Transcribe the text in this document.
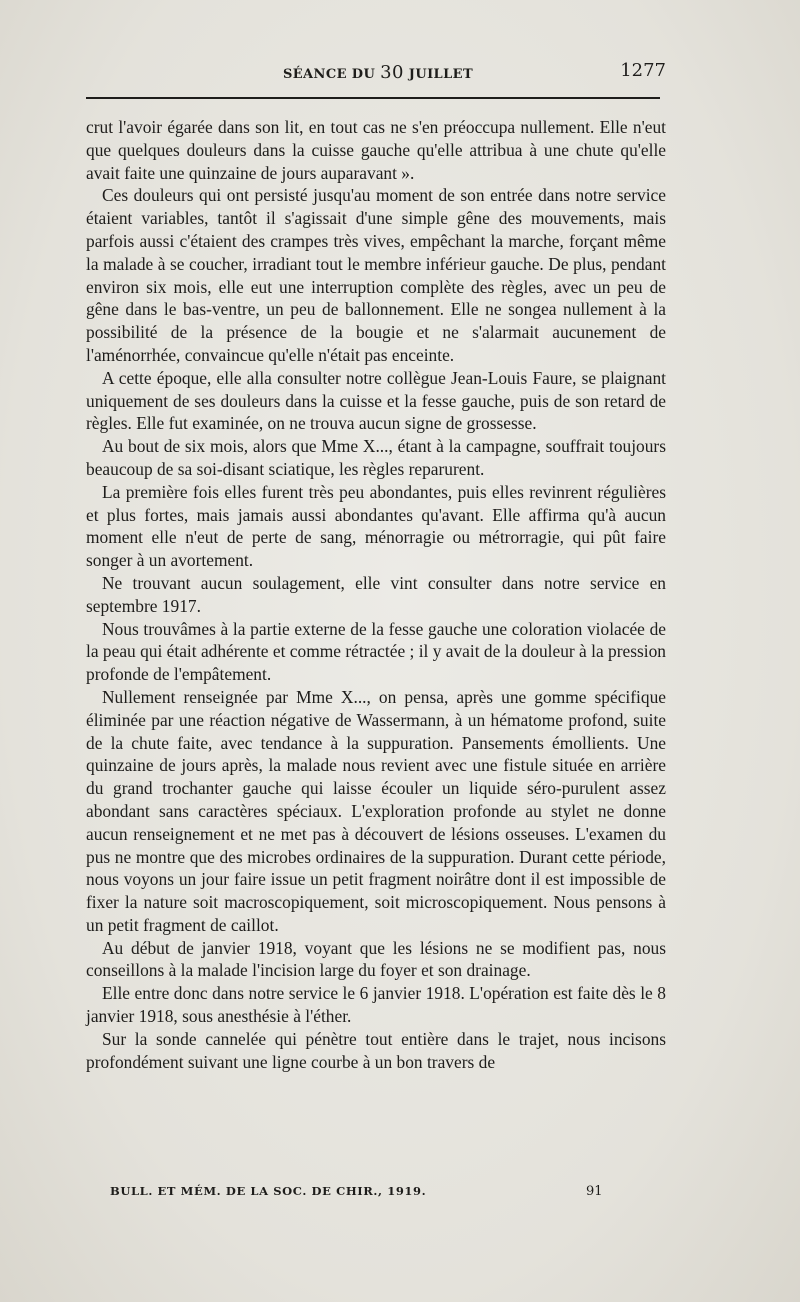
SÉANCE DU 30 JUILLET	1277

crut l'avoir égarée dans son lit, en tout cas ne s'en préoccupa nullement. Elle n'eut que quelques douleurs dans la cuisse gauche qu'elle attribua à une chute qu'elle avait faite une quinzaine de jours auparavant ».

Ces douleurs qui ont persisté jusqu'au moment de son entrée dans notre service étaient variables, tantôt il s'agissait d'une simple gêne des mouvements, mais parfois aussi c'étaient des crampes très vives, empêchant la marche, forçant même la malade à se coucher, irradiant tout le membre inférieur gauche. De plus, pendant environ six mois, elle eut une interruption complète des règles, avec un peu de gêne dans le bas-ventre, un peu de ballonnement. Elle ne songea nullement à la possibilité de la présence de la bougie et ne s'alarmait aucunement de l'aménorrhée, convaincue qu'elle n'était pas enceinte.

A cette époque, elle alla consulter notre collègue Jean-Louis Faure, se plaignant uniquement de ses douleurs dans la cuisse et la fesse gauche, puis de son retard de règles. Elle fut examinée, on ne trouva aucun signe de grossesse.

Au bout de six mois, alors que Mme X..., étant à la campagne, souffrait toujours beaucoup de sa soi-disant sciatique, les règles reparurent.

La première fois elles furent très peu abondantes, puis elles revinrent régulières et plus fortes, mais jamais aussi abondantes qu'avant. Elle affirma qu'à aucun moment elle n'eut de perte de sang, ménorragie ou métrorragie, qui pût faire songer à un avortement.

Ne trouvant aucun soulagement, elle vint consulter dans notre service en septembre 1917.

Nous trouvâmes à la partie externe de la fesse gauche une coloration violacée de la peau qui était adhérente et comme rétractée ; il y avait de la douleur à la pression profonde de l'empâtement.

Nullement renseignée par Mme X..., on pensa, après une gomme spécifique éliminée par une réaction négative de Wassermann, à un hématome profond, suite de la chute faite, avec tendance à la suppuration. Pansements émollients. Une quinzaine de jours après, la malade nous revient avec une fistule située en arrière du grand trochanter gauche qui laisse écouler un liquide séro-purulent assez abondant sans caractères spéciaux. L'exploration profonde au stylet ne donne aucun renseignement et ne met pas à découvert de lésions osseuses. L'examen du pus ne montre que des microbes ordinaires de la suppuration. Durant cette période, nous voyons un jour faire issue un petit fragment noirâtre dont il est impossible de fixer la nature soit macroscopiquement, soit microscopiquement. Nous pensons à un petit fragment de caillot.

Au début de janvier 1918, voyant que les lésions ne se modifient pas, nous conseillons à la malade l'incision large du foyer et son drainage.

Elle entre donc dans notre service le 6 janvier 1918. L'opération est faite dès le 8 janvier 1918, sous anesthésie à l'éther.

Sur la sonde cannelée qui pénètre tout entière dans le trajet, nous incisons profondément suivant une ligne courbe à un bon travers de

BULL. ET MÉM. DE LA SOC. DE CHIR., 1919.	91
